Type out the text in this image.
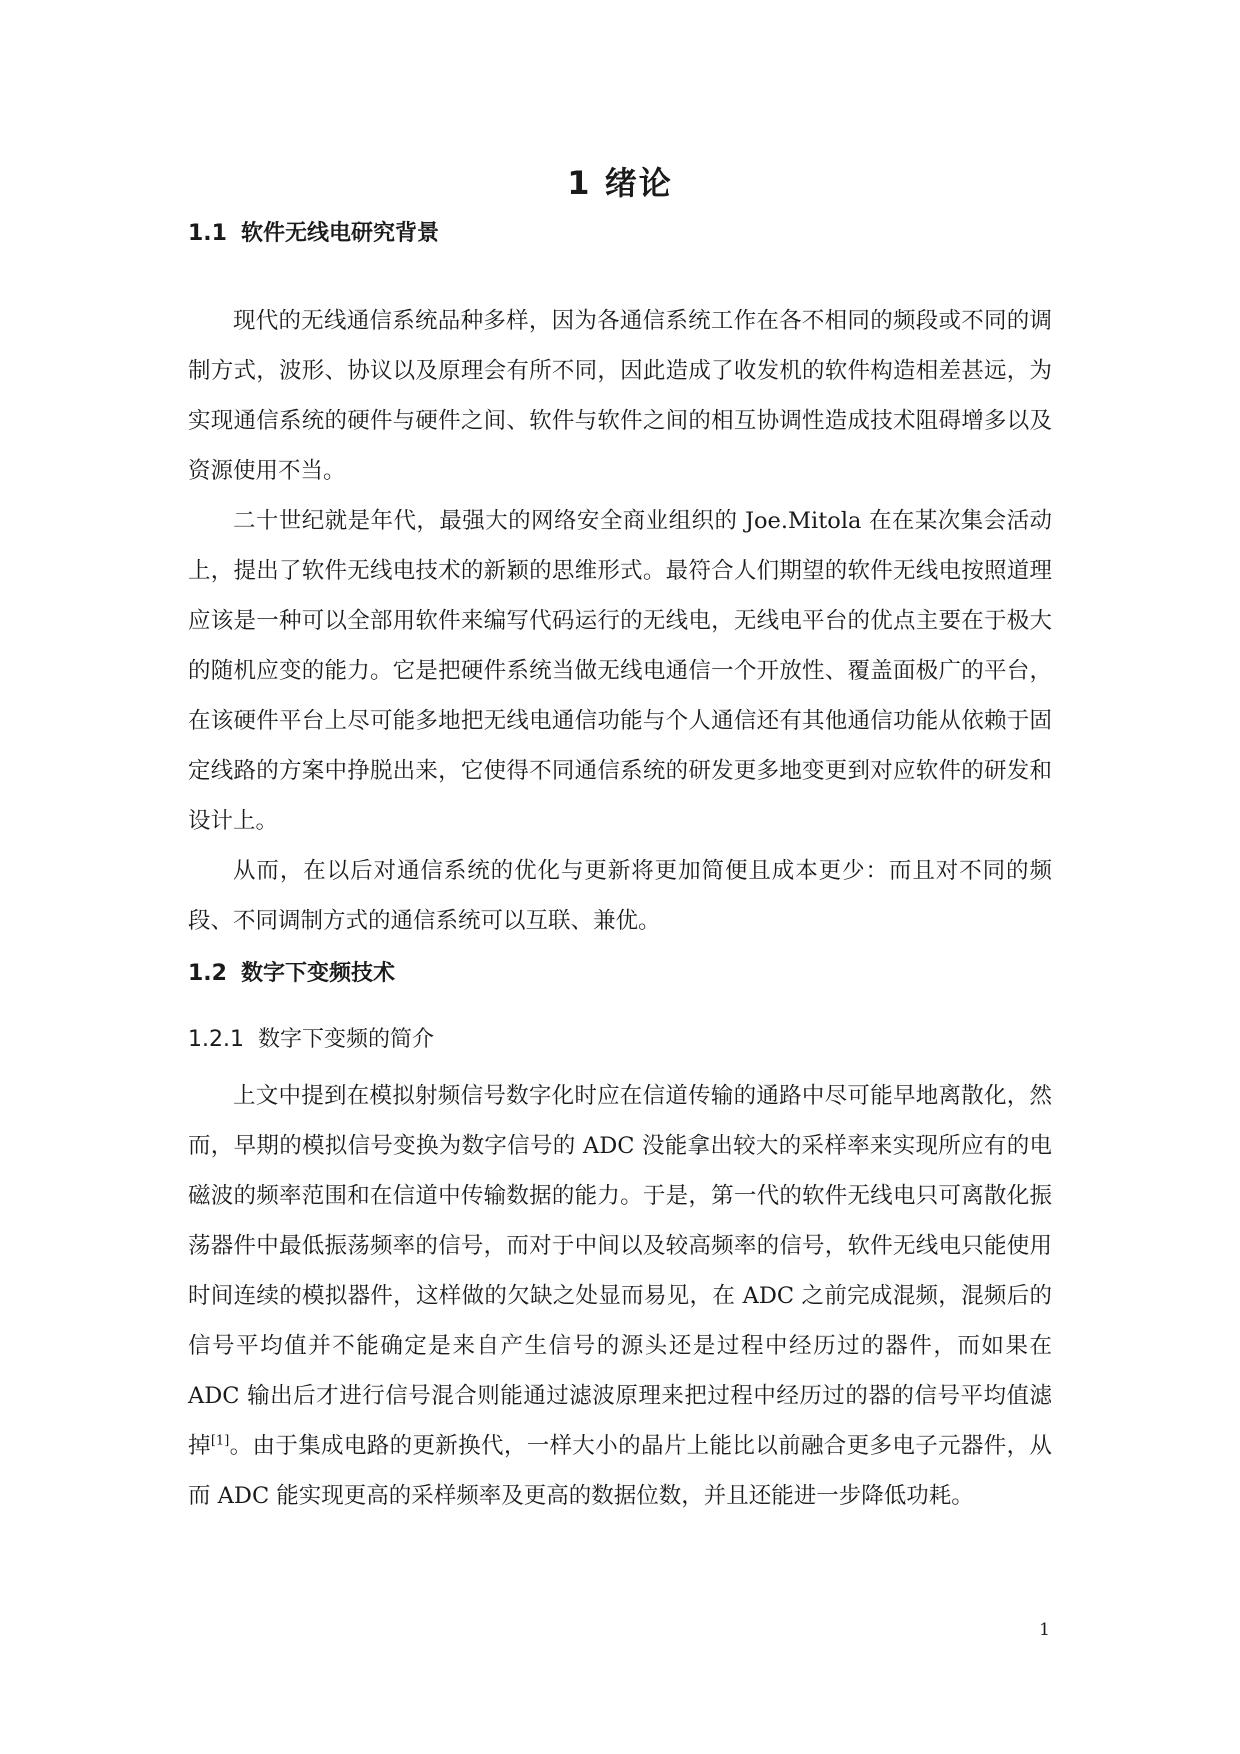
1 绪论
1.1 软件无线电研究背景

现代的无线通信系统品种多样，因为各通信系统工作在各不相同的频段或不同的调制方式，波形、协议以及原理会有所不同，因此造成了收发机的软件构造相差甚远，为实现通信系统的硬件与硬件之间、软件与软件之间的相互协调性造成技术阻碍增多以及资源使用不当。

二十世纪就是年代，最强大的网络安全商业组织的 Joe.Mitola 在在某次集会活动上，提出了软件无线电技术的新颖的思维形式。最符合人们期望的软件无线电按照道理应该是一种可以全部用软件来编写代码运行的无线电，无线电平台的优点主要在于极大的随机应变的能力。它是把硬件系统当做无线电通信一个开放性、覆盖面极广的平台，在该硬件平台上尽可能多地把无线电通信功能与个人通信还有其他通信功能从依赖于固定线路的方案中挣脱出来，它使得不同通信系统的研发更多地变更到对应软件的研发和设计上。

从而，在以后对通信系统的优化与更新将更加简便且成本更少：而且对不同的频段、不同调制方式的通信系统可以互联、兼优。

1.2 数字下变频技术
1.2.1 数字下变频的简介

上文中提到在模拟射频信号数字化时应在信道传输的通路中尽可能早地离散化，然而，早期的模拟信号变换为数字信号的 ADC 没能拿出较大的采样率来实现所应有的电磁波的频率范围和在信道中传输数据的能力。于是，第一代的软件无线电只可离散化振荡器件中最低振荡频率的信号，而对于中间以及较高频率的信号，软件无线电只能使用时间连续的模拟器件，这样做的欠缺之处显而易见，在 ADC 之前完成混频，混频后的信号平均值并不能确定是来自产生信号的源头还是过程中经历过的器件，而如果在 ADC 输出后才进行信号混合则能通过滤波原理来把过程中经历过的器的信号平均值滤掉[1]。由于集成电路的更新换代，一样大小的晶片上能比以前融合更多电子元器件，从而 ADC 能实现更高的采样频率及更高的数据位数，并且还能进一步降低功耗。

1
